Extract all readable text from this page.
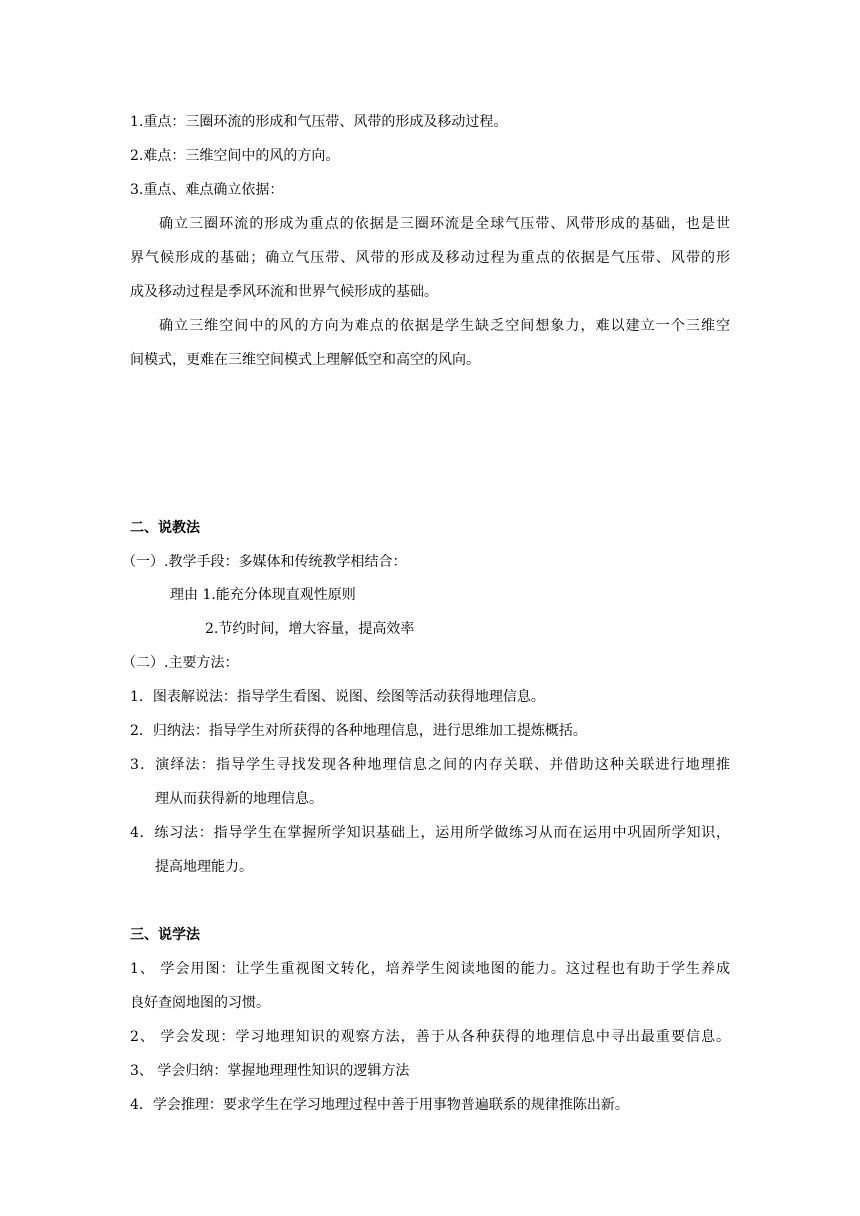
1.重点：三圈环流的形成和气压带、风带的形成及移动过程。
2.难点：三维空间中的风的方向。
3.重点、难点确立依据：
确立三圈环流的形成为重点的依据是三圈环流是全球气压带、风带形成的基础，也是世
界气候形成的基础；确立气压带、风带的形成及移动过程为重点的依据是气压带、风带的形
成及移动过程是季风环流和世界气候形成的基础。
确立三维空间中的风的方向为难点的依据是学生缺乏空间想象力，难以建立一个三维空
间模式，更难在三维空间模式上理解低空和高空的风向。
二、说教法
（一）.教学手段：多媒体和传统教学相结合：
理由 1.能充分体现直观性原则
2.节约时间，增大容量，提高效率
（二）.主要方法：
1．图表解说法：指导学生看图、说图、绘图等活动获得地理信息。
2．归纳法：指导学生对所获得的各种地理信息，进行思维加工提炼概括。
3．演绎法：指导学生寻找发现各种地理信息之间的内存关联、并借助这种关联进行地理推
理从而获得新的地理信息。
4．练习法：指导学生在掌握所学知识基础上，运用所学做练习从而在运用中巩固所学知识，
提高地理能力。
三、说学法
1、 学会用图：让学生重视图文转化，培养学生阅读地图的能力。这过程也有助于学生养成
良好查阅地图的习惯。
2、 学会发现：学习地理知识的观察方法，善于从各种获得的地理信息中寻出最重要信息。
3、 学会归纳：掌握地理理性知识的逻辑方法
4．学会推理：要求学生在学习地理过程中善于用事物普遍联系的规律推陈出新。
